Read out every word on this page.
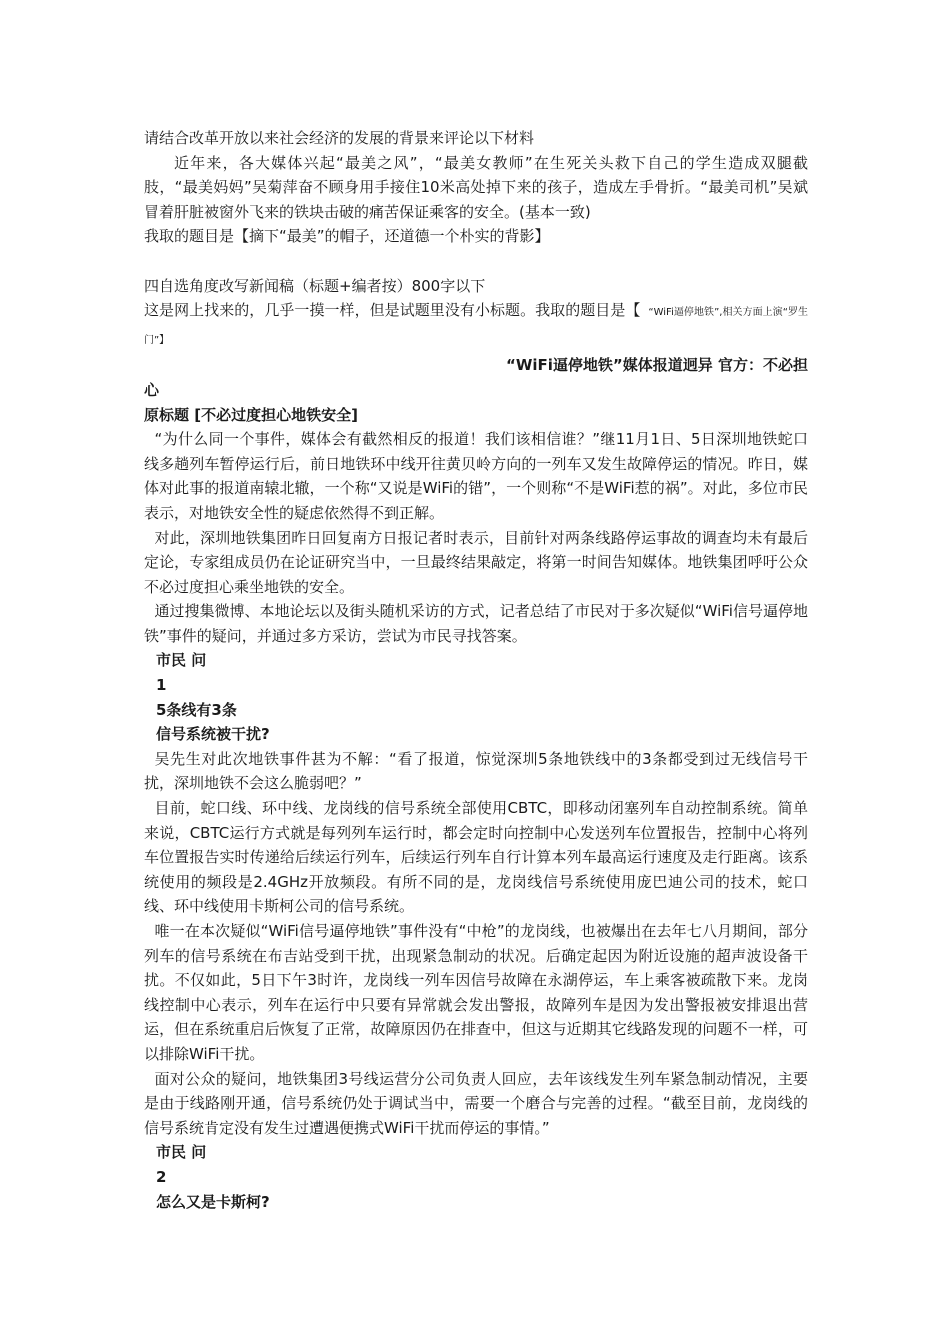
请结合改革开放以来社会经济的发展的背景来评论以下材料

近年来，各大媒体兴起“最美之风”，“最美女教师”在生死关头救下自己的学生造成双腿截肢，“最美妈妈”吴菊萍奋不顾身用手接住10米高处掉下来的孩子，造成左手骨折。“最美司机”吴斌冒着肝脏被窗外飞来的铁块击破的痛苦保证乘客的安全。(基本一致)

我取的题目是【摘下“最美”的帽子，还道德一个朴实的背影】

四自选角度改写新闻稿（标题+编者按）800字以下

这是网上找来的，几乎一摸一样，但是试题里没有小标题。我取的题目是【 “WiFi逼停地铁”,相关方面上演“罗生门”】

“WiFi逼停地铁”媒体报道迥异 官方：不必担

心

原标题 [不必过度担心地铁安全]

“为什么同一个事件，媒体会有截然相反的报道！我们该相信谁？”继11月1日、5日深圳地铁蛇口线多趟列车暂停运行后，前日地铁环中线开往黄贝岭方向的一列车又发生故障停运的情况。昨日，媒体对此事的报道南辕北辙，一个称“又说是WiFi的错”，一个则称“不是WiFi惹的祸”。对此，多位市民表示，对地铁安全性的疑虑依然得不到正解。

对此，深圳地铁集团昨日回复南方日报记者时表示，目前针对两条线路停运事故的调查均未有最后定论，专家组成员仍在论证研究当中，一旦最终结果敲定，将第一时间告知媒体。地铁集团呼吁公众不必过度担心乘坐地铁的安全。

通过搜集微博、本地论坛以及街头随机采访的方式，记者总结了市民对于多次疑似“WiFi信号逼停地铁”事件的疑问，并通过多方采访，尝试为市民寻找答案。

市民 问

1

5条线有3条

信号系统被干扰?

吴先生对此次地铁事件甚为不解：“看了报道，惊觉深圳5条地铁线中的3条都受到过无线信号干扰，深圳地铁不会这么脆弱吧？”

目前，蛇口线、环中线、龙岗线的信号系统全部使用CBTC，即移动闭塞列车自动控制系统。简单来说，CBTC运行方式就是每列列车运行时，都会定时向控制中心发送列车位置报告，控制中心将列车位置报告实时传递给后续运行列车，后续运行列车自行计算本列车最高运行速度及走行距离。该系统使用的频段是2.4GHz开放频段。有所不同的是，龙岗线信号系统使用庞巴迪公司的技术，蛇口线、环中线使用卡斯柯公司的信号系统。

唯一在本次疑似“WiFi信号逼停地铁”事件没有“中枪”的龙岗线，也被爆出在去年七八月期间，部分列车的信号系统在布吉站受到干扰，出现紧急制动的状况。后确定起因为附近设施的超声波设备干扰。不仅如此，5日下午3时许，龙岗线一列车因信号故障在永湖停运，车上乘客被疏散下来。龙岗线控制中心表示，列车在运行中只要有异常就会发出警报，故障列车是因为发出警报被安排退出营运，但在系统重启后恢复了正常，故障原因仍在排查中，但这与近期其它线路发现的问题不一样，可以排除WiFi干扰。

面对公众的疑问，地铁集团3号线运营分公司负责人回应，去年该线发生列车紧急制动情况，主要是由于线路刚开通，信号系统仍处于调试当中，需要一个磨合与完善的过程。“截至目前，龙岗线的信号系统肯定没有发生过遭遇便携式WiFi干扰而停运的事情。”

市民 问

2

怎么又是卡斯柯?
